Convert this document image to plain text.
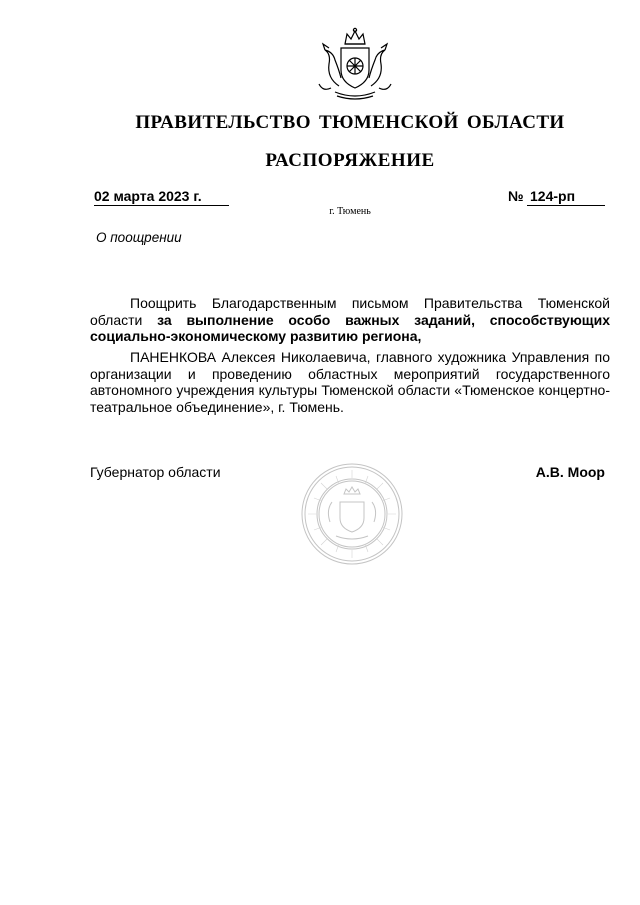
ПРАВИТЕЛЬСТВО ТЮМЕНСКОЙ ОБЛАСТИ
РАСПОРЯЖЕНИЕ
02 марта 2023 г.	№ 124-рп
г. Тюмень
О поощрении
Поощрить Благодарственным письмом Правительства Тюменской области за выполнение особо важных заданий, способствующих социально-экономическому развитию региона,
ПАНЕНКОВА Алексея Николаевича, главного художника Управления по организации и проведению областных мероприятий государственного автономного учреждения культуры Тюменской области «Тюменское концертно-театральное объединение», г. Тюмень.
Губернатор области	А.В. Моор
